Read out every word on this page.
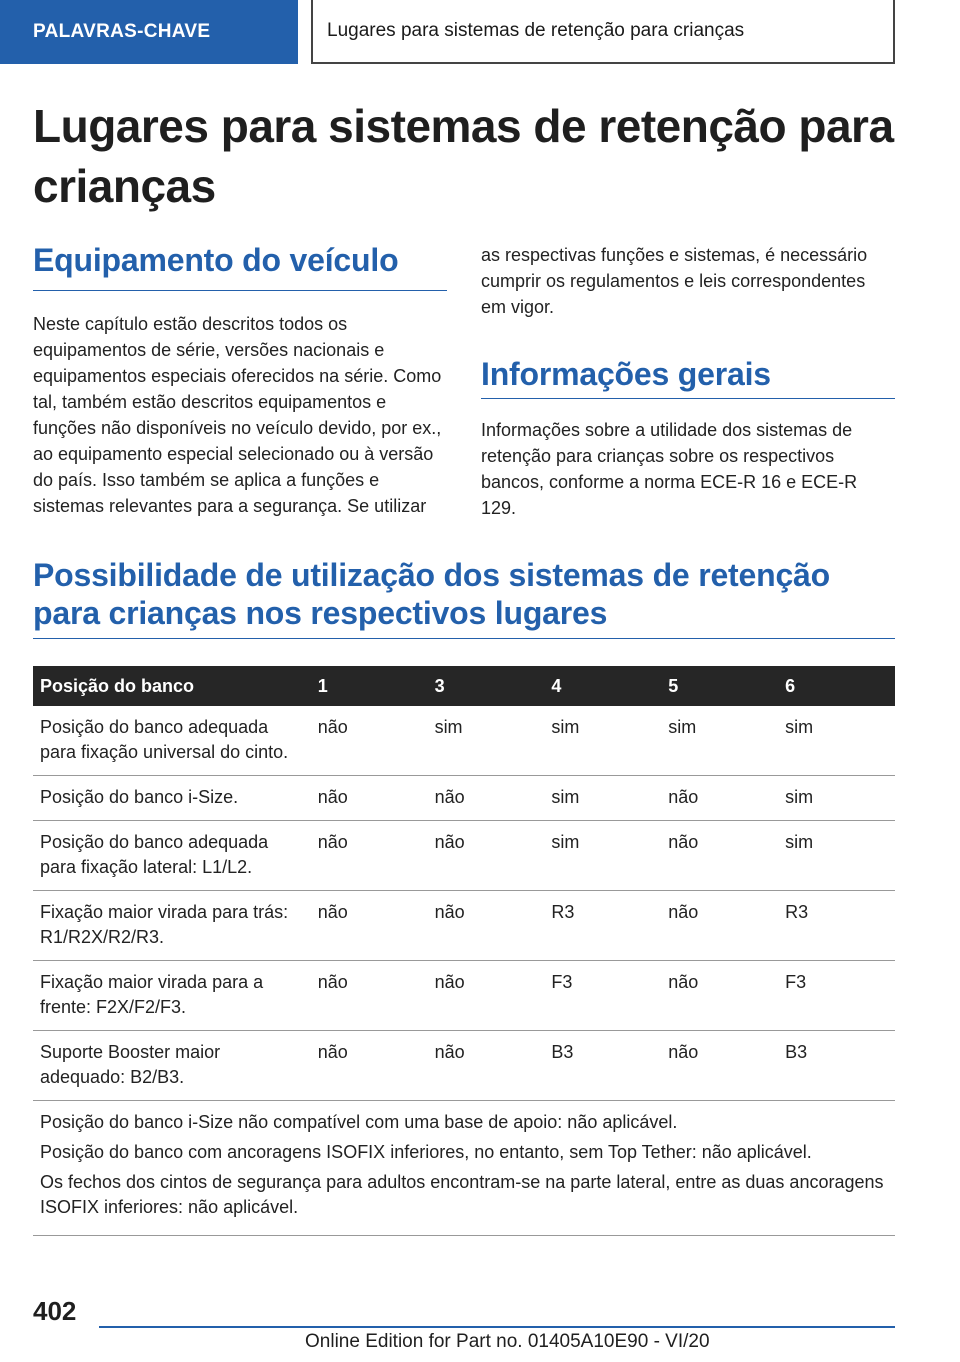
PALAVRAS-CHAVE	Lugares para sistemas de retenção para crianças
Lugares para sistemas de retenção para crianças
Equipamento do veículo

Neste capítulo estão descritos todos os equipamentos de série, versões nacionais e equipamentos especiais oferecidos na série. Como tal, também estão descritos equipamentos e funções não disponíveis no veículo devido, por ex., ao equipamento especial selecionado ou à versão do país. Isso também se aplica a funções e sistemas relevantes para a segurança. Se utilizar

as respectivas funções e sistemas, é necessário cumprir os regulamentos e leis correspondentes em vigor.

Informações gerais

Informações sobre a utilidade dos sistemas de retenção para crianças sobre os respectivos bancos, conforme a norma ECE-R 16 e ECE-R 129.

Possibilidade de utilização dos sistemas de retenção para crianças nos respectivos lugares
Posição do banco	1	3	4	5	6
Posição do banco adequada para fixação universal do cinto.	não	sim	sim	sim	sim
Posição do banco i-Size.	não	não	sim	não	sim
Posição do banco adequada para fixação lateral: L1/L2.	não	não	sim	não	sim
Fixação maior virada para trás: R1/R2X/R2/R3.	não	não	R3	não	R3
Fixação maior virada para a frente: F2X/F2/F3.	não	não	F3	não	F3
Suporte Booster maior adequado: B2/B3.	não	não	B3	não	B3

Posição do banco i-Size não compatível com uma base de apoio: não aplicável.

Posição do banco com ancoragens ISOFIX inferiores, no entanto, sem Top Tether: não aplicável.

Os fechos dos cintos de segurança para adultos encontram-se na parte lateral, entre as duas ancoragens ISOFIX inferiores: não aplicável.					

402
Online Edition for Part no. 01405A10E90 - VI/20
